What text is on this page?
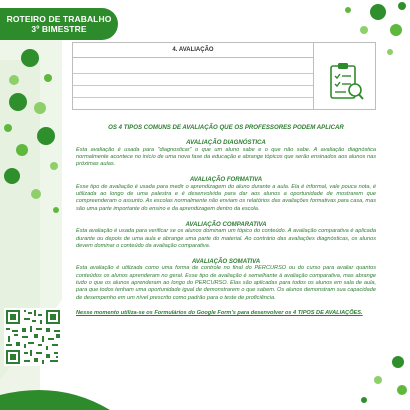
ROTEIRO DE TRABALHO
3º BIMESTRE
4. AVALIAÇÃO

OS 4 TIPOS COMUNS DE AVALIAÇÃO QUE OS PROFESSORES PODEM APLICAR

AVALIAÇÃO DIAGNÓSTICA

Esta avaliação é usada para "diagnosticar" o que um aluno sabe e o que não sabe. A avaliação diagnóstica normalmente acontece no início de uma nova fase da educação e abrange tópicos que serão ensinados aos alunos nas próximas aulas.

AVALIAÇÃO FORMATIVA

Esse tipo de avaliação é usada para medir o aprendizagem do aluno durante a aula. Ela é informal, vale pouca nota, é utilizada ao longo de uma palestra e é desenvolvida para dar aos alunos a oportunidade de mostrarem que compreenderam o assunto. As escolas normalmente não enviam os relatórios das avaliações formativas para casa, mas são uma parte importante do ensino e da aprendizagem dentro da escola.

AVALIAÇÃO COMPARATIVA

Esta avaliação é usada para verificar se os alunos dominam um tópico do conteúdo. A avaliação comparativa é aplicada durante ou depois de uma aula e abrange uma parte do material. Ao contrário das avaliações diagnósticas, os alunos devem dominar o conteúdo da avaliação comparativa.

AVALIAÇÃO SOMATIVA

Esta avaliação é utilizada como uma forma de controle no final do PERCURSO ou do curso para avaliar quantos conteúdos os alunos aprenderam no geral. Esse tipo de avaliação é semelhante à avaliação comparativa, mas abrange tudo o que os alunos aprenderam ao longo do PERCURSO. Elas são aplicadas para todos os alunos em sala de aula, para que todos tenham uma oportunidade igual de demonstrarem o que sabem. Os alunos demonstram sua capacidade de desempenho em um nível prescrito como padrão para o teste de proficiência.

Nesse momento utiliza-se os Formulários do Google Form's para desenvolver os 4 TIPOS DE AVALIAÇÕES.
